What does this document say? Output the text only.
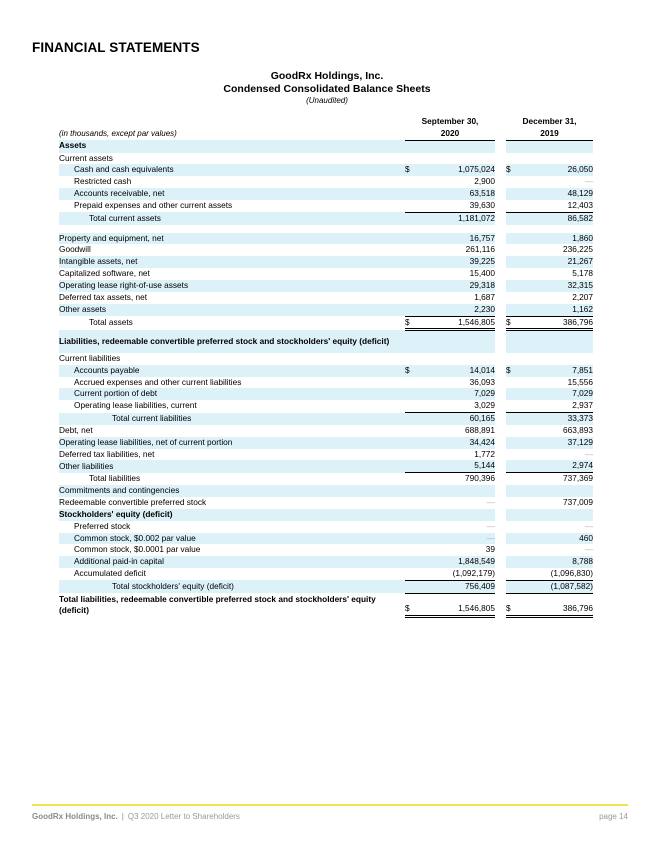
FINANCIAL STATEMENTS
GoodRx Holdings, Inc.
Condensed Consolidated Balance Sheets
(Unaudited)
(in thousands, except par values)	September 30,
2020			December 31,
2019	

Assets					
Current assets					
Cash and cash equivalents	$	1,075,024		$	26,050
Restricted cash		2,900			—
Accounts receivable, net		63,518			48,129
Prepaid expenses and other current assets		39,630			12,403
Total current assets		1,181,072			86,582

Property and equipment, net		16,757			1,860
Goodwill		261,116			236,225
Intangible assets, net		39,225			21,267
Capitalized software, net		15,400			5,178
Operating lease right-of-use assets		29,318			32,315
Deferred tax assets, net		1,687			2,207
Other assets		2,230			1,162
Total assets	$	1,546,805		$	386,796
Liabilities, redeemable convertible preferred stock and stockholders' equity (deficit)					
Current liabilities					
Accounts payable	$	14,014		$	7,851
Accrued expenses and other current liabilities		36,093			15,556
Current portion of debt		7,029			7,029
Operating lease liabilities, current		3,029			2,937
Total current liabilities		60,165			33,373
Debt, net		688,891			663,893
Operating lease liabilities, net of current portion		34,424			37,129
Deferred tax liabilities, net		1,772			—
Other liabilities		5,144			2,974
Total liabilities		790,396			737,369
Commitments and contingencies					
Redeemable convertible preferred stock		—			737,009
Stockholders' equity (deficit)					
Preferred stock		—			—
Common stock, $0.002 par value		—			460
Common stock, $0.0001 par value		39			—
Additional paid-in capital		1,848,549			8,788
Accumulated deficit		(1,092,179)			(1,096,830)
Total stockholders' equity (deficit)		756,409			(1,087,582)
Total liabilities, redeemable convertible preferred stock and stockholders' equity (deficit)	$	1,546,805		$	386,796
GoodRx Holdings, Inc. | Q3 2020 Letter to Shareholders	page 14
